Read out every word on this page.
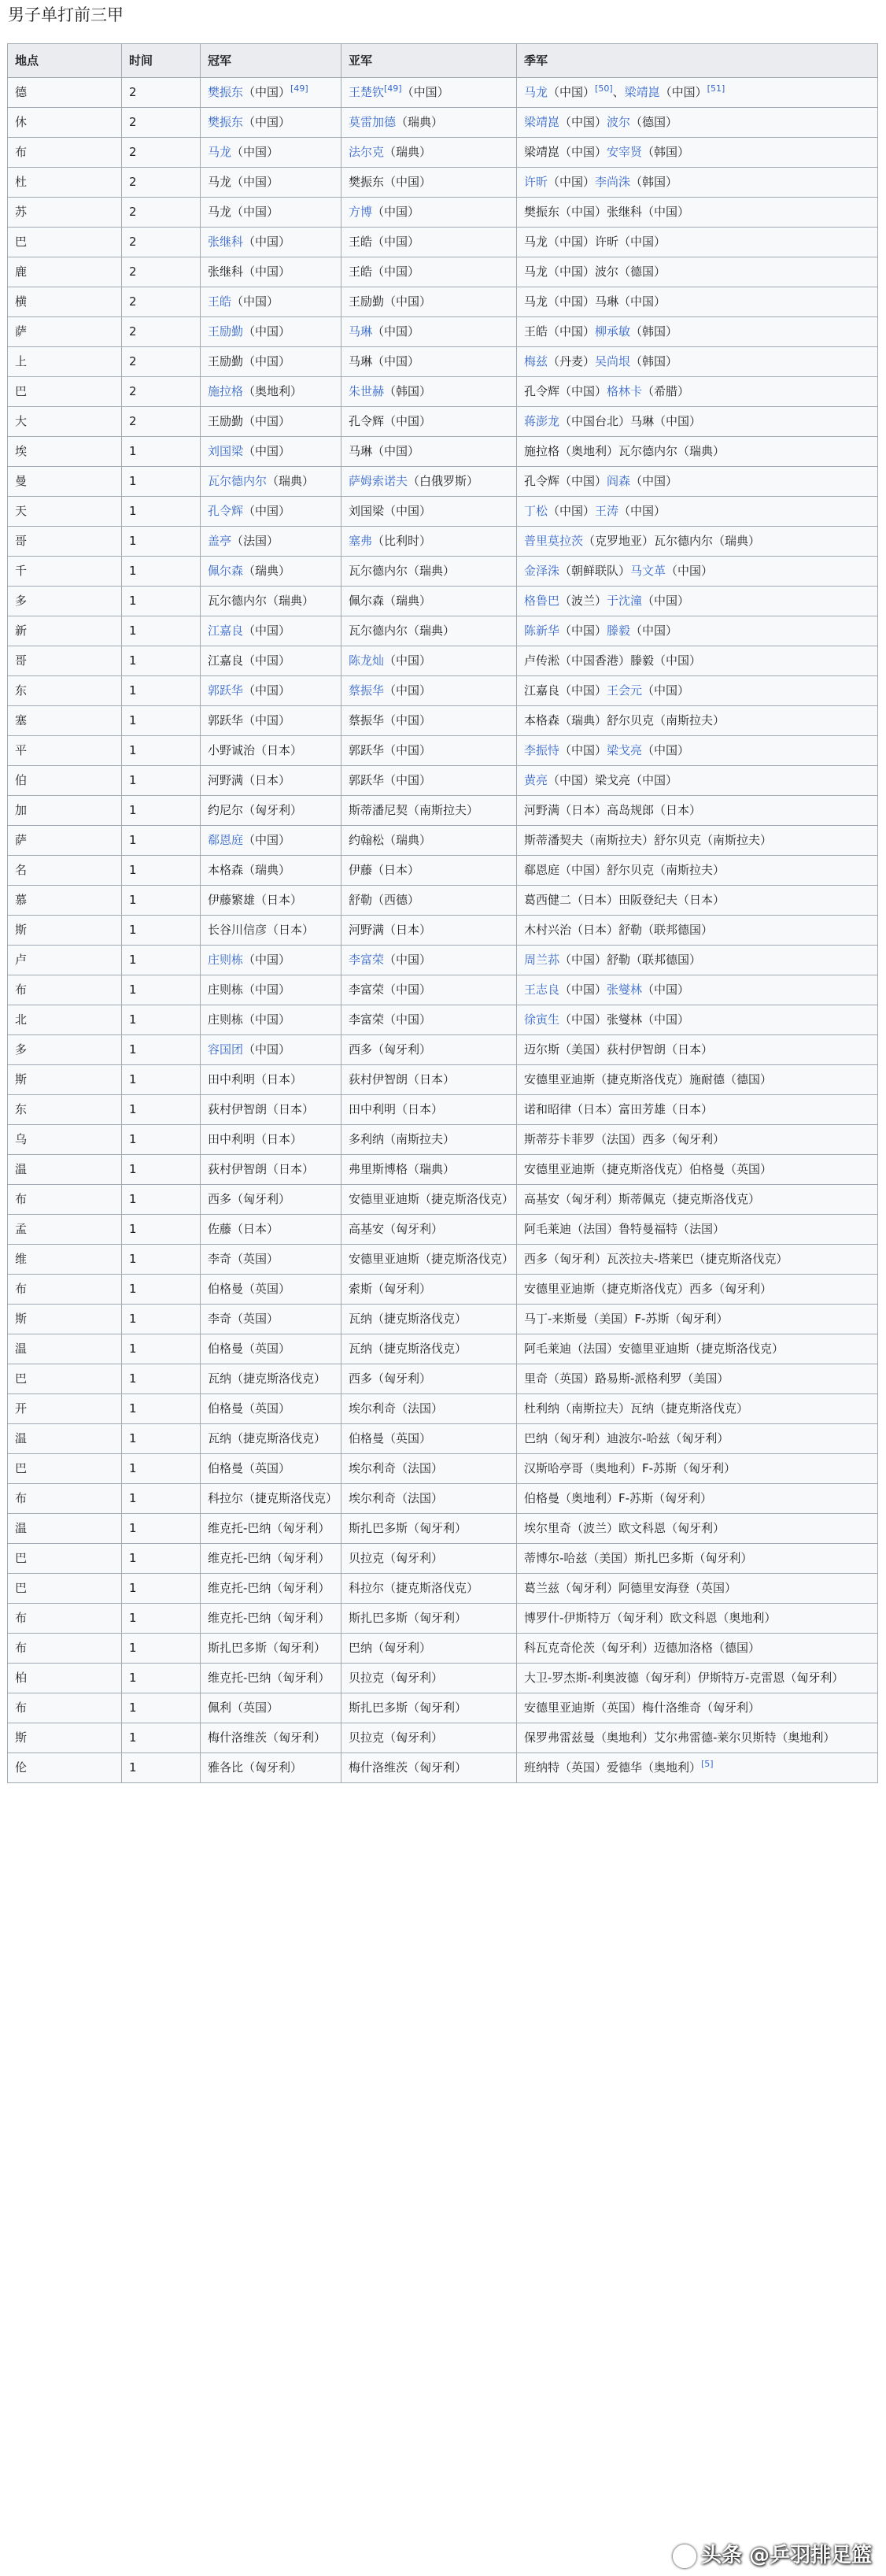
男子单打前三甲
地点	时间	冠军	亚军	季军
德	2	樊振东（中国）[49]	王楚钦[49]（中国）	马龙（中国）[50]、梁靖崑（中国）[51]
休	2	樊振东（中国）	莫雷加德（瑞典）	梁靖崑（中国）波尔（德国）
布	2	马龙（中国）	法尔克（瑞典）	梁靖崑（中国）安宰贤（韩国）
杜	2	马龙（中国）	樊振东（中国）	许昕（中国）李尚洙（韩国）
苏	2	马龙（中国）	方博（中国）	樊振东（中国）张继科（中国）
巴	2	张继科（中国）	王皓（中国）	马龙（中国）许昕（中国）
鹿	2	张继科（中国）	王皓（中国）	马龙（中国）波尔（德国）
横	2	王皓（中国）	王励勤（中国）	马龙（中国）马琳（中国）
萨	2	王励勤（中国）	马琳（中国）	王皓（中国）柳承敏（韩国）
上	2	王励勤（中国）	马琳（中国）	梅兹（丹麦）吴尚垠（韩国）
巴	2	施拉格（奥地利）	朱世赫（韩国）	孔令辉（中国）格林卡（希腊）
大	2	王励勤（中国）	孔令辉（中国）	蒋澎龙（中国台北）马琳（中国）
埃	1	刘国梁（中国）	马琳（中国）	施拉格（奥地利）瓦尔德内尔（瑞典）
曼	1	瓦尔德内尔（瑞典）	萨姆索诺夫（白俄罗斯）	孔令辉（中国）阎森（中国）
天	1	孔令辉（中国）	刘国梁（中国）	丁松（中国）王涛（中国）
哥	1	盖亭（法国）	塞弗（比利时）	普里莫拉茨（克罗地亚）瓦尔德内尔（瑞典）
千	1	佩尔森（瑞典）	瓦尔德内尔（瑞典）	金泽洙（朝鲜联队）马文革（中国）
多	1	瓦尔德内尔（瑞典）	佩尔森（瑞典）	格鲁巴（波兰）于沈潼（中国）
新	1	江嘉良（中国）	瓦尔德内尔（瑞典）	陈新华（中国）滕毅（中国）
哥	1	江嘉良（中国）	陈龙灿（中国）	卢传淞（中国香港）滕毅（中国）
东	1	郭跃华（中国）	蔡振华（中国）	江嘉良（中国）王会元（中国）
塞	1	郭跃华（中国）	蔡振华（中国）	本格森（瑞典）舒尔贝克（南斯拉夫）
平	1	小野诚治（日本）	郭跃华（中国）	李振恃（中国）梁戈亮（中国）
伯	1	河野满（日本）	郭跃华（中国）	黄亮（中国）梁戈亮（中国）
加	1	约尼尔（匈牙利）	斯蒂潘尼契（南斯拉夫）	河野满（日本）高岛规郎（日本）
萨	1	郗恩庭（中国）	约翰松（瑞典）	斯蒂潘契夫（南斯拉夫）舒尔贝克（南斯拉夫）
名	1	本格森（瑞典）	伊藤（日本）	郗恩庭（中国）舒尔贝克（南斯拉夫）
慕	1	伊藤繁雄（日本）	舒勒（西德）	葛西健二（日本）田阪登纪夫（日本）
斯	1	长谷川信彦（日本）	河野满（日本）	木村兴治（日本）舒勒（联邦德国）
卢	1	庄则栋（中国）	李富荣（中国）	周兰荪（中国）舒勒（联邦德国）
布	1	庄则栋（中国）	李富荣（中国）	王志良（中国）张燮林（中国）
北	1	庄则栋（中国）	李富荣（中国）	徐寅生（中国）张燮林（中国）
多	1	容国团（中国）	西多（匈牙利）	迈尔斯（美国）荻村伊智朗（日本）
斯	1	田中利明（日本）	荻村伊智朗（日本）	安德里亚迪斯（捷克斯洛伐克）施耐德（德国）
东	1	荻村伊智朗（日本）	田中利明（日本）	诺和昭律（日本）富田芳雄（日本）
乌	1	田中利明（日本）	多利纳（南斯拉夫）	斯蒂芬卡菲罗（法国）西多（匈牙利）
温	1	荻村伊智朗（日本）	弗里斯博格（瑞典）	安德里亚迪斯（捷克斯洛伐克）伯格曼（英国）
布	1	西多（匈牙利）	安德里亚迪斯（捷克斯洛伐克）	高基安（匈牙利）斯蒂佩克（捷克斯洛伐克）
孟	1	佐藤（日本）	高基安（匈牙利）	阿毛莱迪（法国）鲁特曼福特（法国）
维	1	李奇（英国）	安德里亚迪斯（捷克斯洛伐克）	西多（匈牙利）瓦茨拉夫-塔莱巴（捷克斯洛伐克）
布	1	伯格曼（英国）	索斯（匈牙利）	安德里亚迪斯（捷克斯洛伐克）西多（匈牙利）
斯	1	李奇（英国）	瓦纳（捷克斯洛伐克）	马丁-来斯曼（美国）F-苏斯（匈牙利）
温	1	伯格曼（英国）	瓦纳（捷克斯洛伐克）	阿毛莱迪（法国）安德里亚迪斯（捷克斯洛伐克）
巴	1	瓦纳（捷克斯洛伐克）	西多（匈牙利）	里奇（英国）路易斯-派格利罗（美国）
开	1	伯格曼（英国）	埃尔利奇（法国）	杜利纳（南斯拉夫）瓦纳（捷克斯洛伐克）
温	1	瓦纳（捷克斯洛伐克）	伯格曼（英国）	巴纳（匈牙利）迪波尔-哈兹（匈牙利）
巴	1	伯格曼（英国）	埃尔利奇（法国）	汉斯哈亭哥（奥地利）F-苏斯（匈牙利）
布	1	科拉尔（捷克斯洛伐克）	埃尔利奇（法国）	伯格曼（奥地利）F-苏斯（匈牙利）
温	1	维克托-巴纳（匈牙利）	斯扎巴多斯（匈牙利）	埃尔里奇（波兰）欧文科恩（匈牙利）
巴	1	维克托-巴纳（匈牙利）	贝拉克（匈牙利）	蒂博尔-哈兹（美国）斯扎巴多斯（匈牙利）
巴	1	维克托-巴纳（匈牙利）	科拉尔（捷克斯洛伐克）	葛兰兹（匈牙利）阿德里安海登（英国）
布	1	维克托-巴纳（匈牙利）	斯扎巴多斯（匈牙利）	博罗什-伊斯特万（匈牙利）欧文科恩（奥地利）
布	1	斯扎巴多斯（匈牙利）	巴纳（匈牙利）	科瓦克奇伦茨（匈牙利）迈德加洛格（德国）
柏	1	维克托-巴纳（匈牙利）	贝拉克（匈牙利）	大卫-罗杰斯-利奥波德（匈牙利）伊斯特万-克雷恩（匈牙利）
布	1	佩利（英国）	斯扎巴多斯（匈牙利）	安德里亚迪斯（英国）梅什洛维奇（匈牙利）
斯	1	梅什洛维茨（匈牙利）	贝拉克（匈牙利）	保罗弗雷兹曼（奥地利）艾尔弗雷德-莱尔贝斯特（奥地利）
伦	1	雅各比（匈牙利）	梅什洛维茨（匈牙利）	班纳特（英国）爱德华（奥地利）[5]
头条 @乒羽排足篮
